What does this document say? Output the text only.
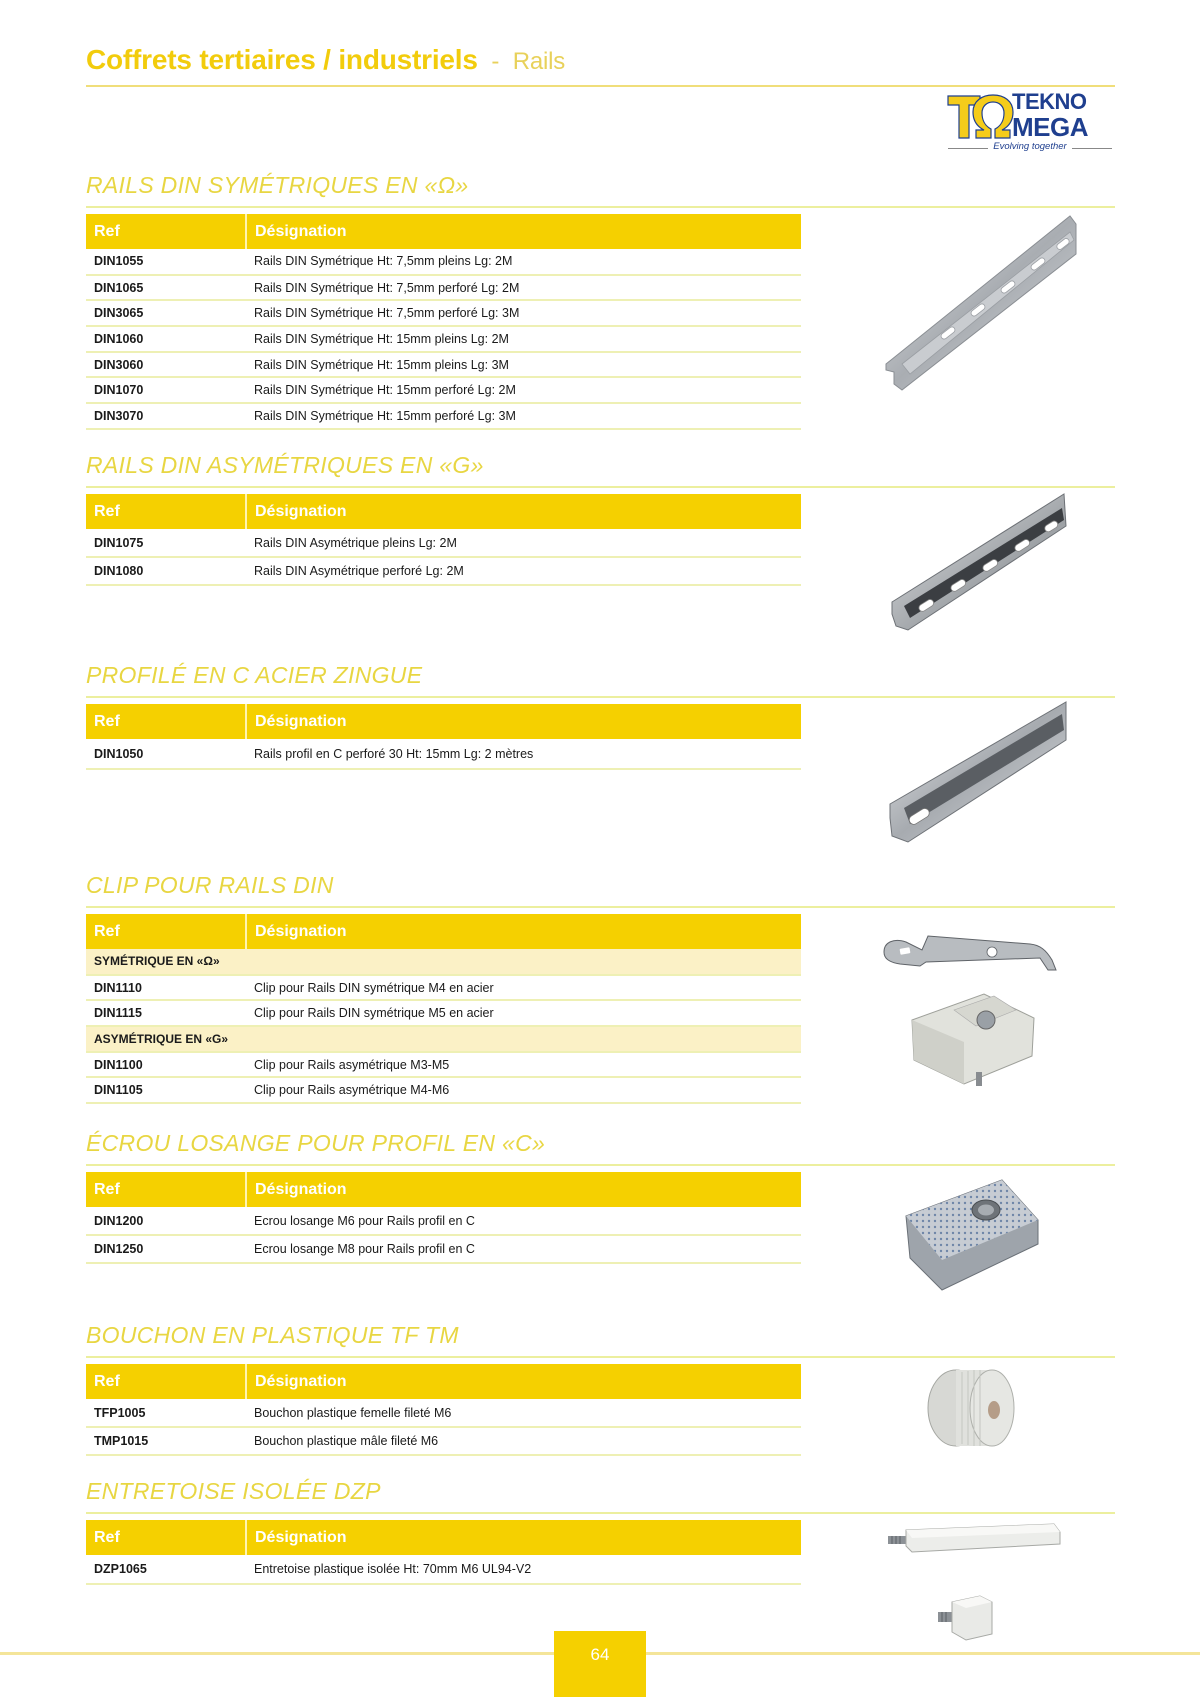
Coffrets tertiaires / industriels - Rails
TEKNO
MEGA
Evolving together
RAILS DIN SYMÉTRIQUES EN «Ω»
Ref	Désignation
DIN1055	Rails DIN Symétrique Ht: 7,5mm pleins Lg: 2M
DIN1065	Rails DIN Symétrique Ht: 7,5mm perforé Lg: 2M
DIN3065	Rails DIN Symétrique Ht: 7,5mm perforé Lg: 3M
DIN1060	Rails DIN Symétrique Ht: 15mm pleins Lg: 2M
DIN3060	Rails DIN Symétrique Ht: 15mm pleins Lg: 3M
DIN1070	Rails DIN Symétrique Ht: 15mm perforé Lg: 2M
DIN3070	Rails DIN Symétrique Ht: 15mm perforé Lg: 3M
RAILS DIN ASYMÉTRIQUES EN «G»
Ref	Désignation
DIN1075	Rails DIN Asymétrique pleins Lg: 2M
DIN1080	Rails DIN Asymétrique perforé Lg: 2M
PROFILÉ EN C ACIER ZINGUE
Ref	Désignation
DIN1050	Rails profil en C perforé 30 Ht: 15mm Lg: 2 mètres
CLIP POUR RAILS DIN
Ref	Désignation
SYMÉTRIQUE EN «Ω»	
DIN1110	Clip pour Rails DIN symétrique M4 en acier
DIN1115	Clip pour Rails DIN symétrique M5 en acier
ASYMÉTRIQUE EN «G»	
DIN1100	Clip pour Rails asymétrique M3-M5
DIN1105	Clip pour Rails asymétrique M4-M6
ÉCROU LOSANGE POUR PROFIL EN «C»
Ref	Désignation
DIN1200	Ecrou losange M6 pour Rails profil en C
DIN1250	Ecrou losange M8 pour Rails profil en C
BOUCHON EN PLASTIQUE TF TM
Ref	Désignation
TFP1005	Bouchon plastique femelle fileté M6
TMP1015	Bouchon plastique mâle fileté M6
ENTRETOISE ISOLÉE DZP
Ref	Désignation
DZP1065	Entretoise plastique isolée Ht: 70mm M6 UL94-V2
64
